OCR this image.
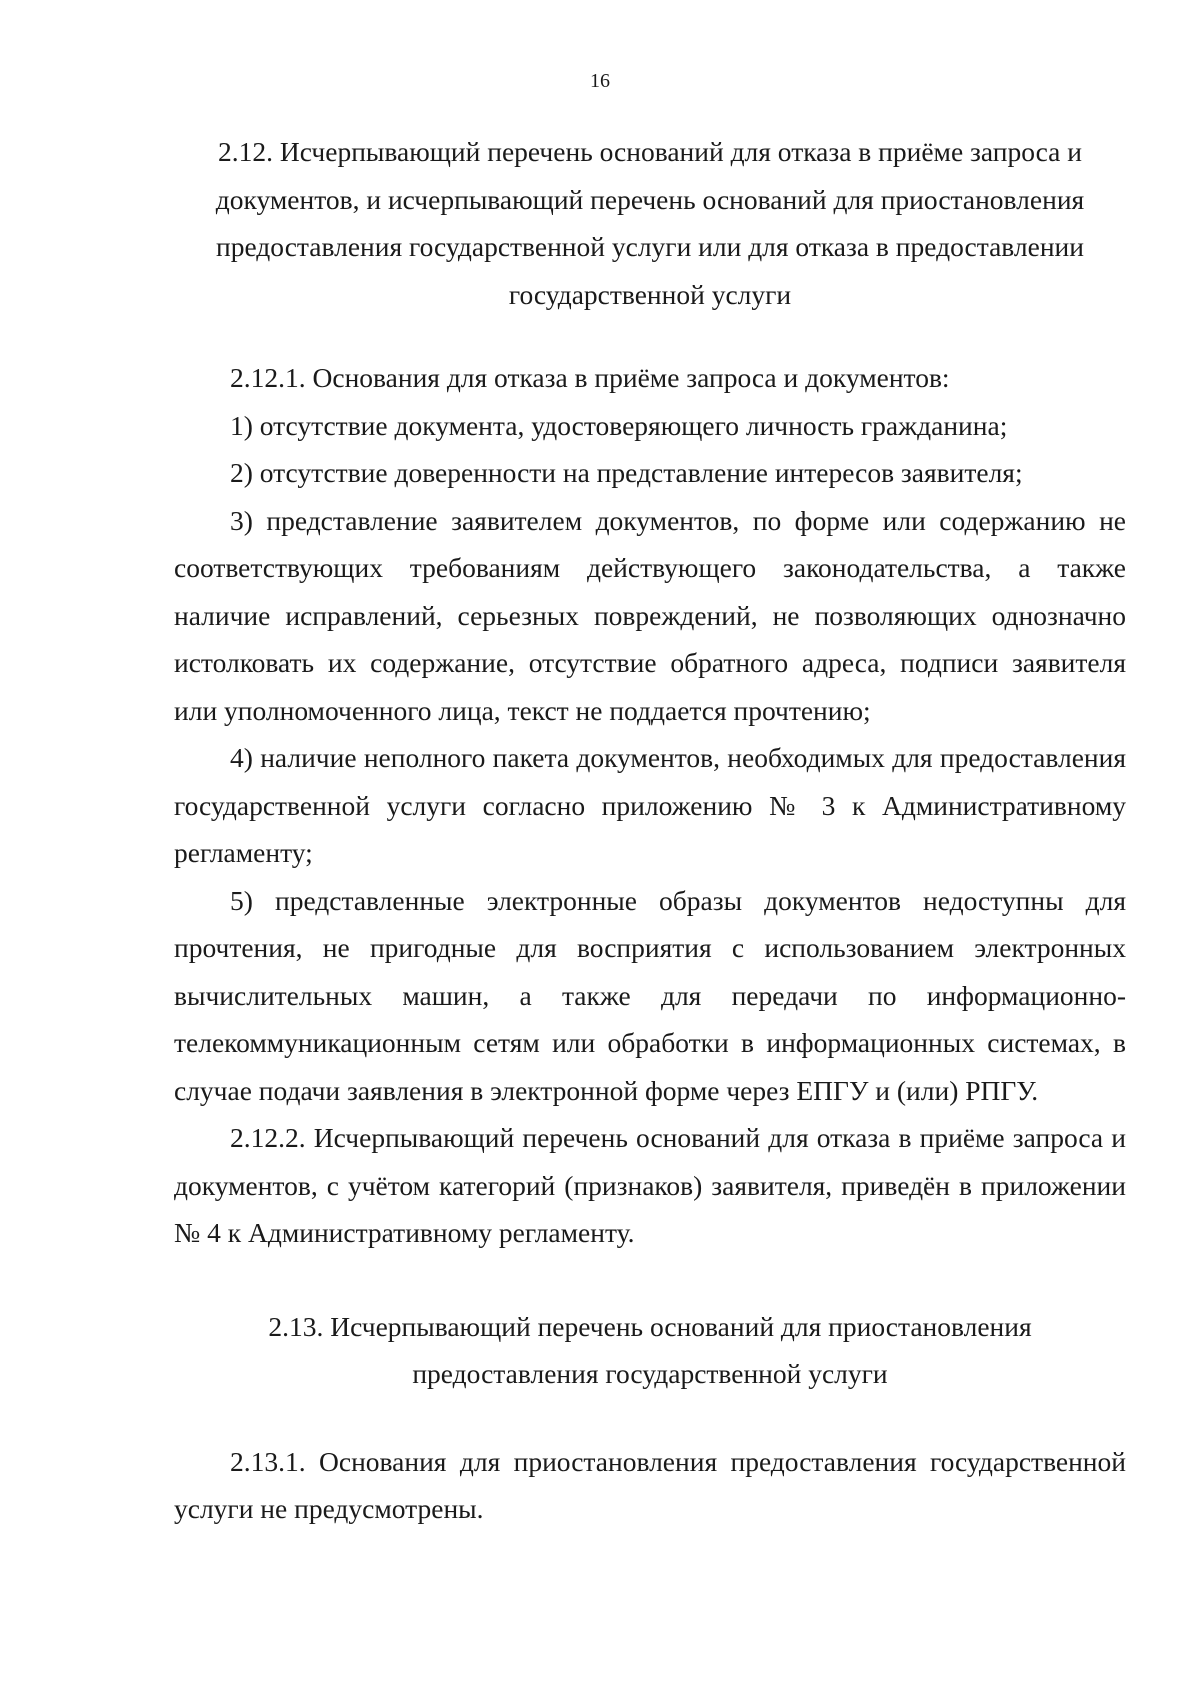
16

2.12. Исчерпывающий перечень оснований для отказа в приёме запроса и документов, и исчерпывающий перечень оснований для приостановления предоставления государственной услуги или для отказа в предоставлении государственной услуги

2.12.1. Основания для отказа в приёме запроса и документов:

1) отсутствие документа, удостоверяющего личность гражданина;

2) отсутствие доверенности на представление интересов заявителя;

3) представление заявителем документов, по форме или содержанию не соответствующих требованиям действующего законодательства, а также наличие исправлений, серьезных повреждений, не позволяющих однозначно истолковать их содержание, отсутствие обратного адреса, подписи заявителя или уполномоченного лица, текст не поддается прочтению;

4) наличие неполного пакета документов, необходимых для предоставления государственной услуги согласно приложению № 3 к Административному регламенту;

5) представленные электронные образы документов недоступны для прочтения, не пригодные для восприятия с использованием электронных вычислительных машин, а также для передачи по информационно-телекоммуникационным сетям или обработки в информационных системах, в случае подачи заявления в электронной форме через ЕПГУ и (или) РПГУ.

2.12.2. Исчерпывающий перечень оснований для отказа в приёме запроса и документов, с учётом категорий (признаков) заявителя, приведён в приложении № 4 к Административному регламенту.

2.13. Исчерпывающий перечень оснований для приостановления предоставления государственной услуги

2.13.1. Основания для приостановления предоставления государственной услуги не предусмотрены.
